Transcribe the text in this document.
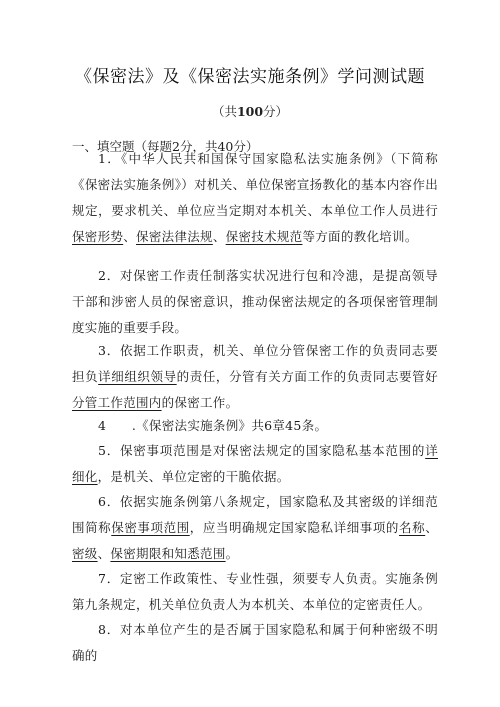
《保密法》及《保密法实施条例》学问测试题
（共100分）
一、填空题（每题2分，共40分）

1．《中华人民共和国保守国家隐私法实施条例》（下简称《保密法实施条例》）对机关、单位保密宣扬教化的基本内容作出规定，要求机关、单位应当定期对本机关、本单位工作人员进行保密形势、保密法律法规、保密技术规范等方面的教化培训。

2．对保密工作责任制落实状况进行包和冷漶，是提高领导干部和涉密人员的保密意识，推动保密法规定的各项保密管理制度实施的重要手段。

3．依据工作职责，机关、单位分管保密工作的负责同志要担负详细组织领导的责任，分管有关方面工作的负责同志要管好分管工作范围内的保密工作。

4　　.《保密法实施条例》共6章45条。

5．保密事项范围是对保密法规定的国家隐私基本范围的详细化，是机关、单位定密的干脆依据。

6．依据实施条例第八条规定，国家隐私及其密级的详细范围简称保密事项范围，应当明确规定国家隐私详细事项的名称、密级、保密期限和知悉范围。

7．定密工作政策性、专业性强，须要专人负责。实施条例第九条规定，机关单位负责人为本机关、本单位的定密责任人。

8．对本单位产生的是否属于国家隐私和属于何种密级不明确的
